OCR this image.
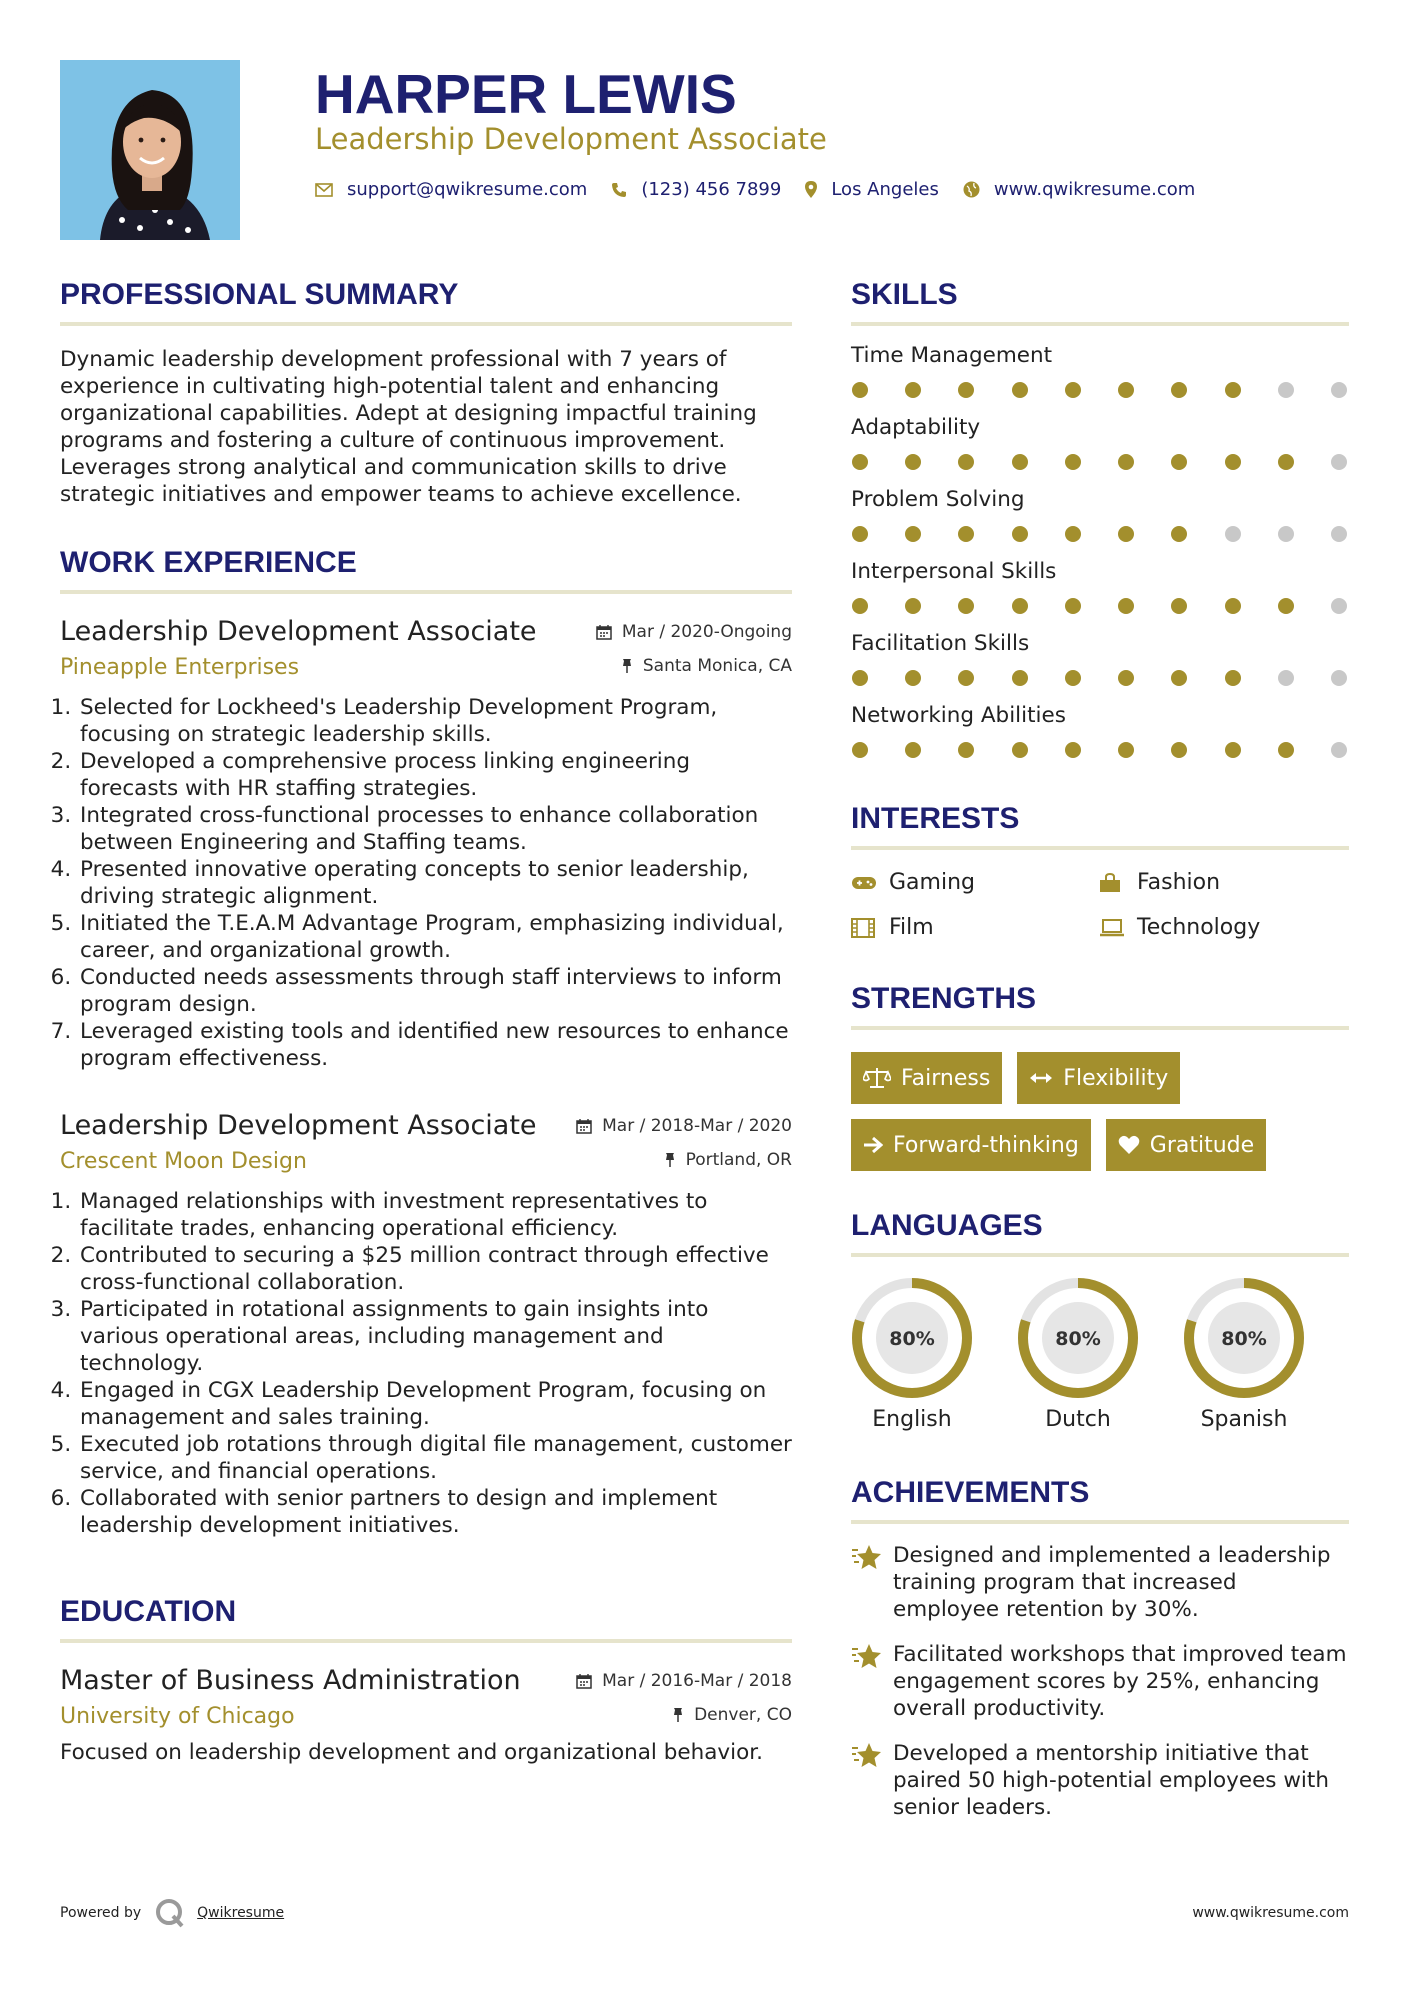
HARPER LEWIS
Leadership Development Associate
support@qwikresume.com	(123) 456 7899	Los Angeles	www.qwikresume.com
PROFESSIONAL SUMMARY
Dynamic leadership development professional with 7 years of experience in cultivating high-potential talent and enhancing organizational capabilities. Adept at designing impactful training programs and fostering a culture of continuous improvement. Leverages strong analytical and communication skills to drive strategic initiatives and empower teams to achieve excellence.
WORK EXPERIENCE
Leadership Development Associate	Mar / 2020-Ongoing
Pineapple Enterprises	Santa Monica, CA
1. Selected for Lockheed's Leadership Development Program, focusing on strategic leadership skills.
2. Developed a comprehensive process linking engineering forecasts with HR staffing strategies.
3. Integrated cross-functional processes to enhance collaboration between Engineering and Staffing teams.
4. Presented innovative operating concepts to senior leadership, driving strategic alignment.
5. Initiated the T.E.A.M Advantage Program, emphasizing individual, career, and organizational growth.
6. Conducted needs assessments through staff interviews to inform program design.
7. Leveraged existing tools and identified new resources to enhance program effectiveness.
Leadership Development Associate	Mar / 2018-Mar / 2020
Crescent Moon Design	Portland, OR
1. Managed relationships with investment representatives to facilitate trades, enhancing operational efficiency.
2. Contributed to securing a $25 million contract through effective cross-functional collaboration.
3. Participated in rotational assignments to gain insights into various operational areas, including management and technology.
4. Engaged in CGX Leadership Development Program, focusing on management and sales training.
5. Executed job rotations through digital file management, customer service, and financial operations.
6. Collaborated with senior partners to design and implement leadership development initiatives.
EDUCATION
Master of Business Administration	Mar / 2016-Mar / 2018
University of Chicago	Denver, CO
Focused on leadership development and organizational behavior.
SKILLS
Time Management
Adaptability
Problem Solving
Interpersonal Skills
Facilitation Skills
Networking Abilities
INTERESTS
Gaming	Fashion
Film	Technology
STRENGTHS
Fairness	Flexibility
Forward-thinking	Gratitude
LANGUAGES
80%
English
80%
Dutch
80%
Spanish
ACHIEVEMENTS
Designed and implemented a leadership training program that increased employee retention by 30%.
Facilitated workshops that improved team engagement scores by 25%, enhancing overall productivity.
Developed a mentorship initiative that paired 50 high-potential employees with senior leaders.
Powered by	Qwikresume	www.qwikresume.com
